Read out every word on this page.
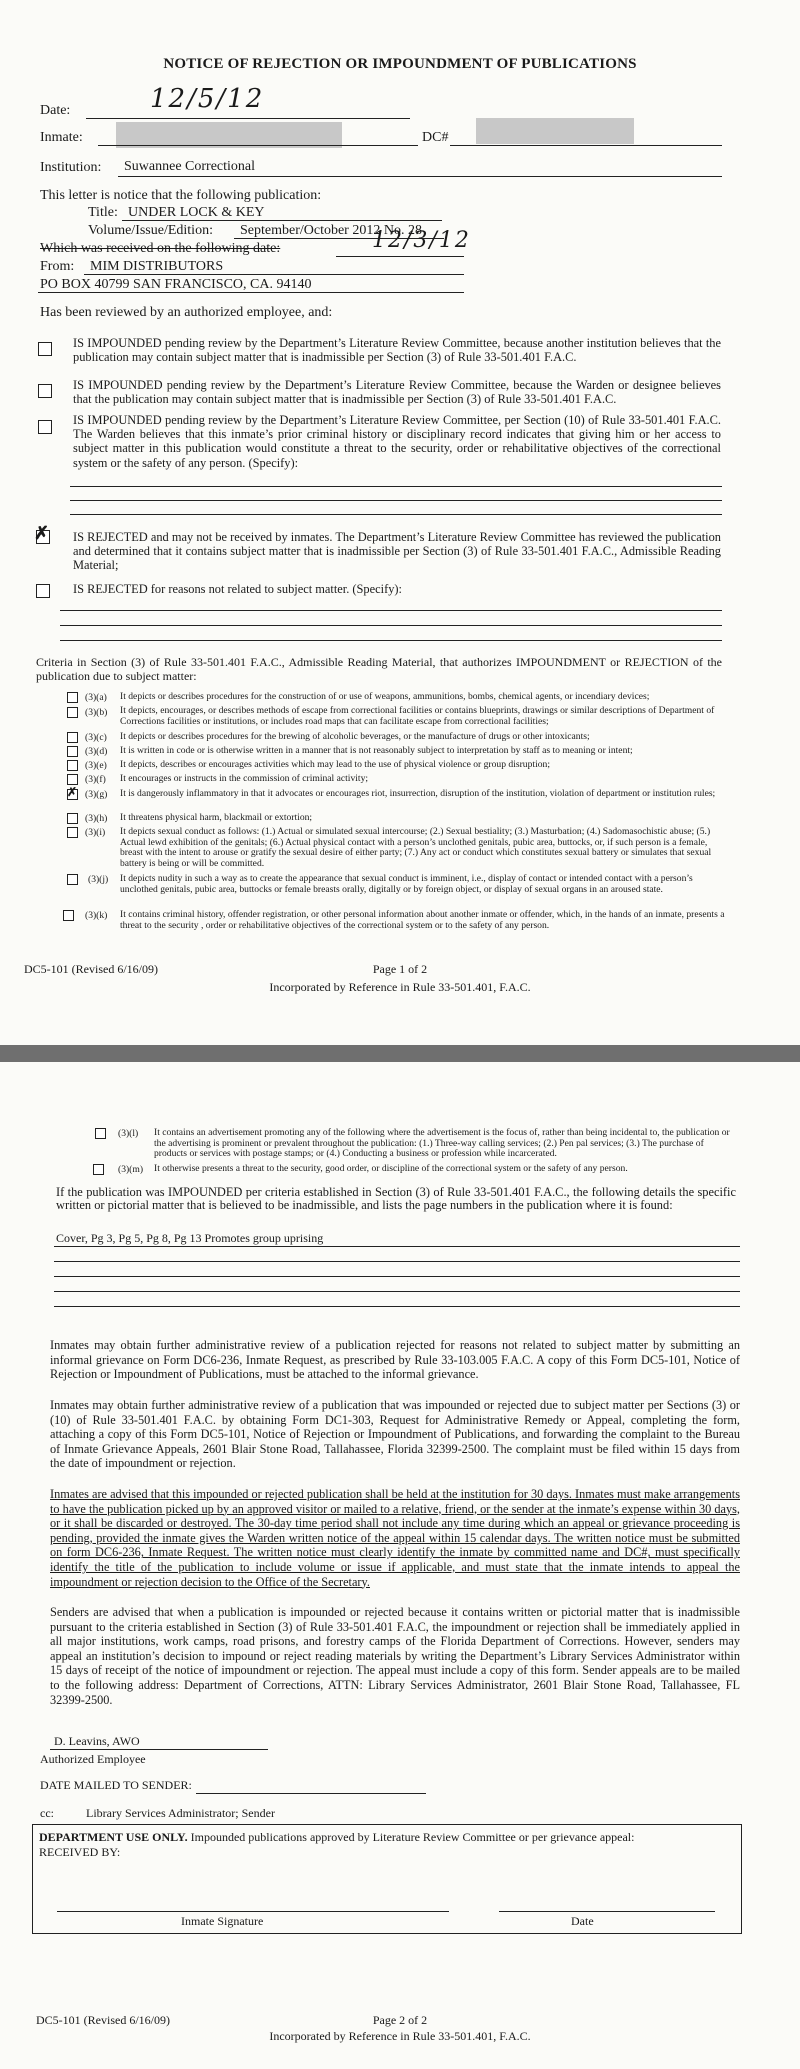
NOTICE OF REJECTION OR IMPOUNDMENT OF PUBLICATIONS
Date:	12/5/12
Inmate:	DC#
Institution: Suwannee Correctional
This letter is notice that the following publication:
Title: UNDER LOCK & KEY
Volume/Issue/Edition: September/October 2012 No. 28
Which was received on the following date:	12/3/12
From: MIM DISTRIBUTORS
PO BOX 40799 SAN FRANCISCO, CA. 94140
Has been reviewed by an authorized employee, and:
IS IMPOUNDED pending review by the Department’s Literature Review Committee, because another institution believes that the publication may contain subject matter that is inadmissible per Section (3) of Rule 33-501.401 F.A.C.
IS IMPOUNDED pending review by the Department’s Literature Review Committee, because the Warden or designee believes that the publication may contain subject matter that is inadmissible per Section (3) of Rule 33-501.401 F.A.C.
IS IMPOUNDED pending review by the Department’s Literature Review Committee, per Section (10) of Rule 33-501.401 F.A.C. The Warden believes that this inmate’s prior criminal history or disciplinary record indicates that giving him or her access to subject matter in this publication would constitute a threat to the security, order or rehabilitative objectives of the correctional system or the safety of any person. (Specify):
✗ IS REJECTED and may not be received by inmates. The Department’s Literature Review Committee has reviewed the publication and determined that it contains subject matter that is inadmissible per Section (3) of Rule 33-501.401 F.A.C., Admissible Reading Material;
IS REJECTED for reasons not related to subject matter. (Specify):
Criteria in Section (3) of Rule 33-501.401 F.A.C., Admissible Reading Material, that authorizes IMPOUNDMENT or REJECTION of the publication due to subject matter:
(3)(a) It depicts or describes procedures for the construction of or use of weapons, ammunitions, bombs, chemical agents, or incendiary devices;
(3)(b) It depicts, encourages, or describes methods of escape from correctional facilities or contains blueprints, drawings or similar descriptions of Department of Corrections facilities or institutions, or includes road maps that can facilitate escape from correctional facilities;
(3)(c) It depicts or describes procedures for the brewing of alcoholic beverages, or the manufacture of drugs or other intoxicants;
(3)(d) It is written in code or is otherwise written in a manner that is not reasonably subject to interpretation by staff as to meaning or intent;
(3)(e) It depicts, describes or encourages activities which may lead to the use of physical violence or group disruption;
(3)(f) It encourages or instructs in the commission of criminal activity;
✗ (3)(g) It is dangerously inflammatory in that it advocates or encourages riot, insurrection, disruption of the institution, violation of department or institution rules;
(3)(h) It threatens physical harm, blackmail or extortion;
(3)(i) It depicts sexual conduct as follows: (1.) Actual or simulated sexual intercourse; (2.) Sexual bestiality; (3.) Masturbation; (4.) Sadomasochistic abuse; (5.) Actual lewd exhibition of the genitals; (6.) Actual physical contact with a person’s unclothed genitals, pubic area, buttocks, or, if such person is a female, breast with the intent to arouse or gratify the sexual desire of either party; (7.) Any act or conduct which constitutes sexual battery or simulates that sexual battery is being or will be committed.
(3)(j) It depicts nudity in such a way as to create the appearance that sexual conduct is imminent, i.e., display of contact or intended contact with a person’s unclothed genitals, pubic area, buttocks or female breasts orally, digitally or by foreign object, or display of sexual organs in an aroused state.
(3)(k) It contains criminal history, offender registration, or other personal information about another inmate or offender, which, in the hands of an inmate, presents a threat to the security , order or rehabilitative objectives of the correctional system or to the safety of any person.
DC5-101 (Revised 6/16/09)	Page 1 of 2
Incorporated by Reference in Rule 33-501.401, F.A.C.
(3)(l) It contains an advertisement promoting any of the following where the advertisement is the focus of, rather than being incidental to, the publication or the advertising is prominent or prevalent throughout the publication: (1.) Three-way calling services; (2.) Pen pal services; (3.) The purchase of products or services with postage stamps; or (4.) Conducting a business or profession while incarcerated.
(3)(m) It otherwise presents a threat to the security, good order, or discipline of the correctional system or the safety of any person.
If the publication was IMPOUNDED per criteria established in Section (3) of Rule 33-501.401 F.A.C., the following details the specific written or pictorial matter that is believed to be inadmissible, and lists the page numbers in the publication where it is found:
Cover, Pg 3, Pg 5, Pg 8, Pg 13 Promotes group uprising
Inmates may obtain further administrative review of a publication rejected for reasons not related to subject matter by submitting an informal grievance on Form DC6-236, Inmate Request, as prescribed by Rule 33-103.005 F.A.C. A copy of this Form DC5-101, Notice of Rejection or Impoundment of Publications, must be attached to the informal grievance.
Inmates may obtain further administrative review of a publication that was impounded or rejected due to subject matter per Sections (3) or (10) of Rule 33-501.401 F.A.C. by obtaining Form DC1-303, Request for Administrative Remedy or Appeal, completing the form, attaching a copy of this Form DC5-101, Notice of Rejection or Impoundment of Publications, and forwarding the complaint to the Bureau of Inmate Grievance Appeals, 2601 Blair Stone Road, Tallahassee, Florida 32399-2500. The complaint must be filed within 15 days from the date of impoundment or rejection.
Inmates are advised that this impounded or rejected publication shall be held at the institution for 30 days. Inmates must make arrangements to have the publication picked up by an approved visitor or mailed to a relative, friend, or the sender at the inmate’s expense within 30 days, or it shall be discarded or destroyed. The 30-day time period shall not include any time during which an appeal or grievance proceeding is pending, provided the inmate gives the Warden written notice of the appeal within 15 calendar days. The written notice must be submitted on form DC6-236, Inmate Request. The written notice must clearly identify the inmate by committed name and DC#, must specifically identify the title of the publication to include volume or issue if applicable, and must state that the inmate intends to appeal the impoundment or rejection decision to the Office of the Secretary.
Senders are advised that when a publication is impounded or rejected because it contains written or pictorial matter that is inadmissible pursuant to the criteria established in Section (3) of Rule 33-501.401 F.A.C, the impoundment or rejection shall be immediately applied in all major institutions, work camps, road prisons, and forestry camps of the Florida Department of Corrections. However, senders may appeal an institution’s decision to impound or reject reading materials by writing the Department’s Library Services Administrator within 15 days of receipt of the notice of impoundment or rejection. The appeal must include a copy of this form. Sender appeals are to be mailed to the following address: Department of Corrections, ATTN: Library Services Administrator, 2601 Blair Stone Road, Tallahassee, FL 32399-2500.
D. Leavins, AWO
Authorized Employee
DATE MAILED TO SENDER:
cc:	Library Services Administrator; Sender
DEPARTMENT USE ONLY. Impounded publications approved by Literature Review Committee or per grievance appeal:
RECEIVED BY:
Inmate Signature	Date
DC5-101 (Revised 6/16/09)	Page 2 of 2
Incorporated by Reference in Rule 33-501.401, F.A.C.
